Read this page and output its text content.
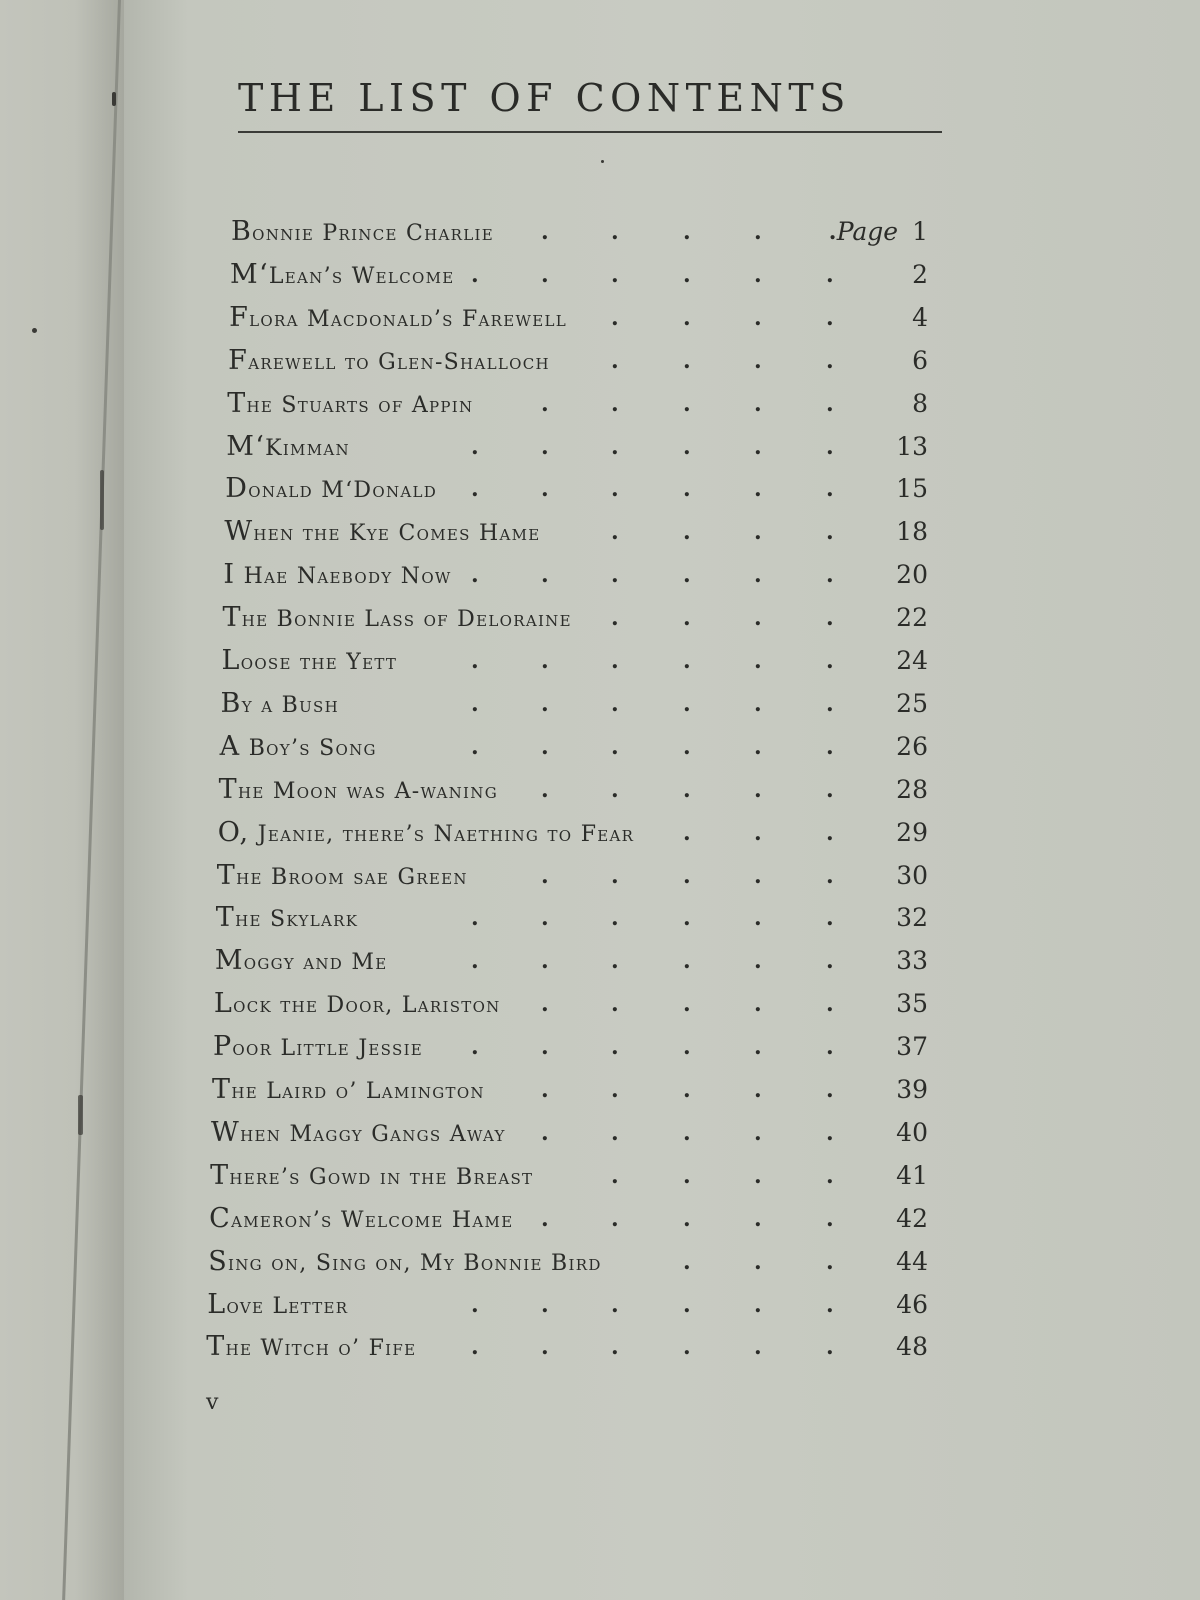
THE LIST OF CONTENTS
Bonnie Prince Charlie .	.	.	.	.	1
Page
M‘Lean’s Welcome .	.	.	.	.	.	2
Flora Macdonald’s Farewell .	.	.	.	4
Farewell to Glen-Shalloch	.	.	.	.	6
The Stuarts of Appin	.	.	.	.	.	8
M‘Kimman	.	.	.	.	.	.	13
Donald M‘Donald .	.	.	.	.	.	15
When the Kye Comes Hame	.	.	.	.	18
I Hae Naebody Now .	.	.	.	.	.	20
The Bonnie Lass of Deloraine .	.	.	.	22
Loose the Yett	.	.	.	.	.	.	24
By a Bush	.	.	.	.	.	.	25
A Boy’s Song	.	.	.	.	.	.	26
The Moon was A-waning .	.	.	.	.	28
O, Jeanie, there’s Naething to Fear .	.	.	29
The Broom sae Green	.	.	.	.	.	30
The Skylark	.	.	.	.	.	.	32
Moggy and Me	.	.	.	.	.	.	33
Lock the Door, Lariston .	.	.	.	.	35
Poor Little Jessie .	.	.	.	.	.	37
The Laird o’ Lamington	.	.	.	.	.	39
When Maggy Gangs Away .	.	.	.	.	40
There’s Gowd in the Breast	.	.	.	.	41
Cameron’s Welcome Hame .	.	.	.	.	42
Sing on, Sing on, My Bonnie Bird	.	.	.	44
Love Letter	.	.	.	.	.	.	46
The Witch o’ Fife .	.	.	.	.	.	48
v
